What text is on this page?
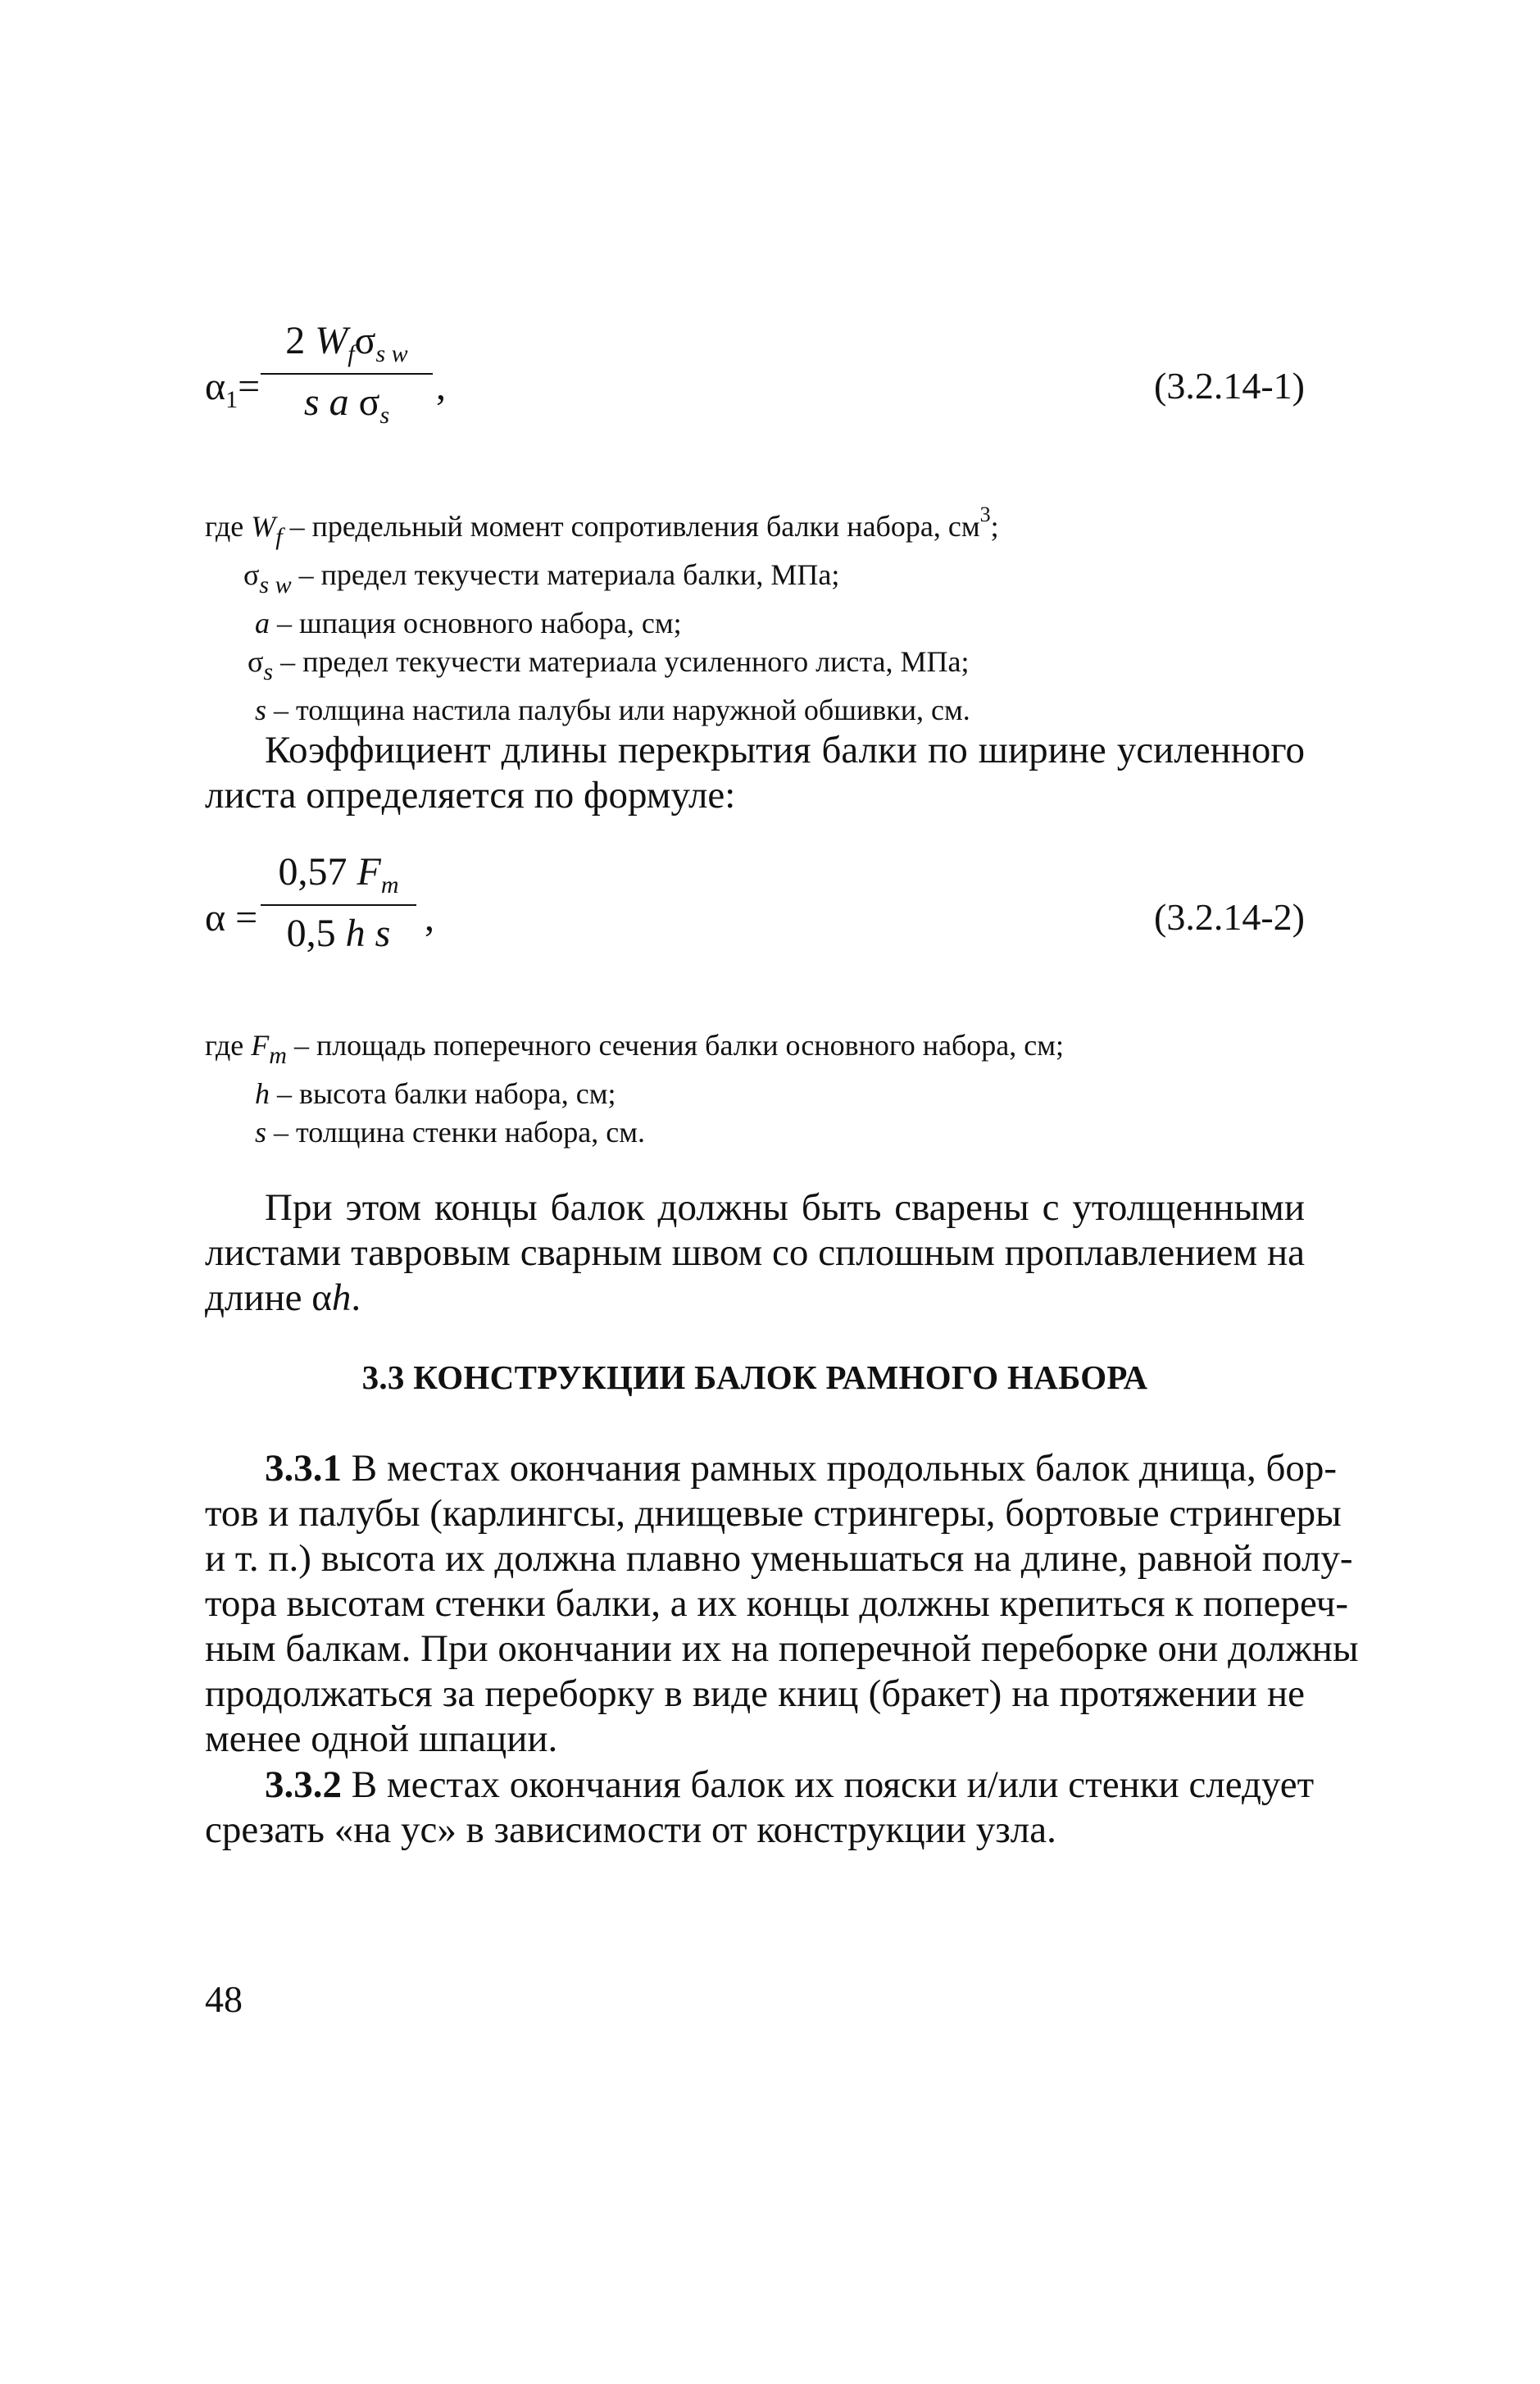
$\alpha_1=$
2 $W_f\sigma_{s w}$
s a $\sigma_s$
,	(3.2.14-1)
где $W_f$ – предельный момент сопротивления балки набора, $см^3$;
$\sigma_{s w}$ – предел текучести материала балки, МПа;
a – шпация основного набора, см;
$\sigma_s$ – предел текучести материала усиленного листа, МПа;
s – толщина настила палубы или наружной обшивки, см.
Коэффициент длины перекрытия балки по ширине усиленного
листа определяется по формуле:
α =
0,57 $F_m$
0,5 h s ,	(3.2.14-2)
где $F_m$ – площадь поперечного сечения балки основного набора, см;
h – высота балки набора, см;
s – толщина стенки набора, см.
При этом концы балок должны быть сварены с утолщенными
листами тавровым сварным швом со сплошным проплавлением на
длине αh.
3.3 КОНСТРУКЦИИ БАЛОК РАМНОГО НАБОРА
3.3.1 В местах окончания рамных продольных балок днища, бор-
тов и палубы (карлингсы, днищевые стрингеры, бортовые стрингеры
и т. п.) высота их должна плавно уменьшаться на длине, равной полу-
тора высотам стенки балки, а их концы должны крепиться к попереч-
ным балкам. При окончании их на поперечной переборке они должны
продолжаться за переборку в виде книц (бракет) на протяжении не
менее одной шпации.
3.3.2 В местах окончания балок их пояски и/или стенки следует
срезать «на ус» в зависимости от конструкции узла.
48
